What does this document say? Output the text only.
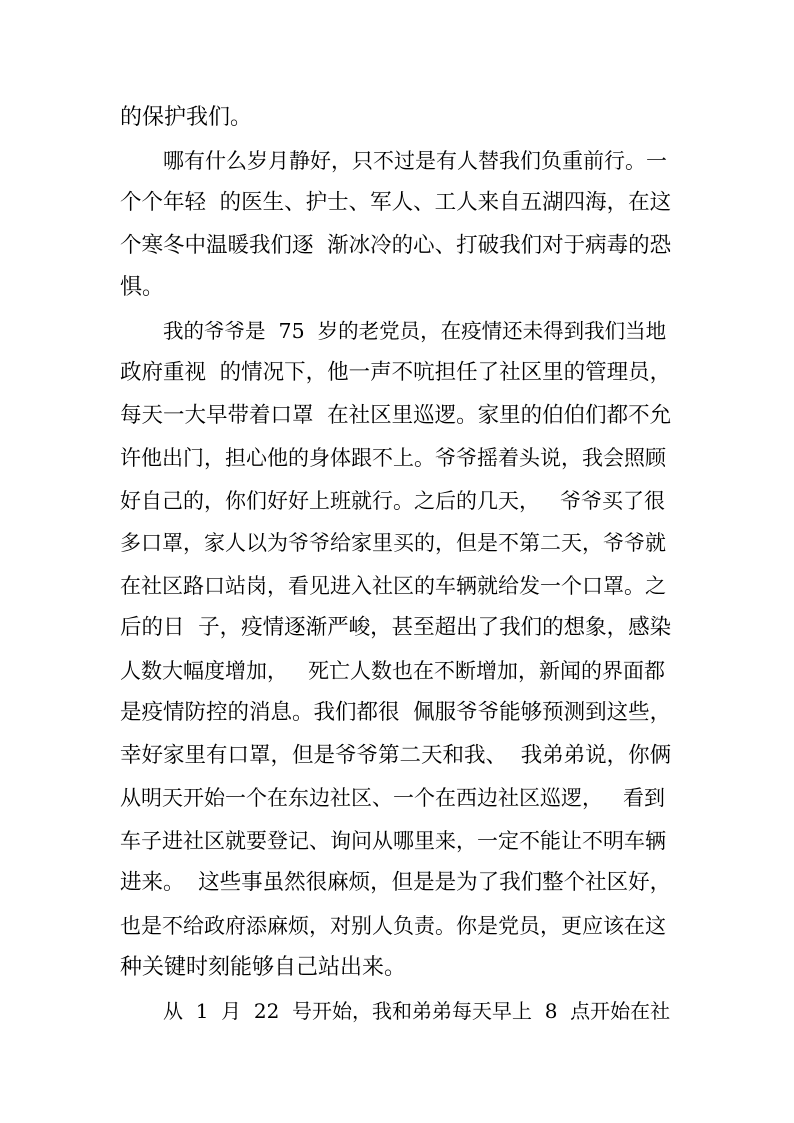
的保护我们。

哪有什么岁月静好，只不过是有人替我们负重前行。一

个个年轻  的医生、护士、军人、工人来自五湖四海，在这

个寒冬中温暖我们逐  渐冰冷的心、打破我们对于病毒的恐

惧。

我的爷爷是  75  岁的老党员，在疫情还未得到我们当地

政府重视  的情况下，他一声不吭担任了社区里的管理员，

每天一大早带着口罩  在社区里巡逻。家里的伯伯们都不允

许他出门，担心他的身体跟不上。爷爷摇着头说，我会照顾

好自己的，你们好好上班就行。之后的几天，   爷爷买了很

多口罩，家人以为爷爷给家里买的，但是不第二天，爷爷就

在社区路口站岗，看见进入社区的车辆就给发一个口罩。之

后的日  子，疫情逐渐严峻，甚至超出了我们的想象，感染

人数大幅度增加，   死亡人数也在不断增加，新闻的界面都

是疫情防控的消息。我们都很  佩服爷爷能够预测到这些，

幸好家里有口罩，但是爷爷第二天和我、  我弟弟说，你俩

从明天开始一个在东边社区、一个在西边社区巡逻，   看到

车子进社区就要登记、询问从哪里来，一定不能让不明车辆

进来。  这些事虽然很麻烦，但是是为了我们整个社区好，

也是不给政府添麻烦，对别人负责。你是党员，更应该在这

种关键时刻能够自己站出来。

从  1  月  22  号开始，我和弟弟每天早上  8  点开始在社
